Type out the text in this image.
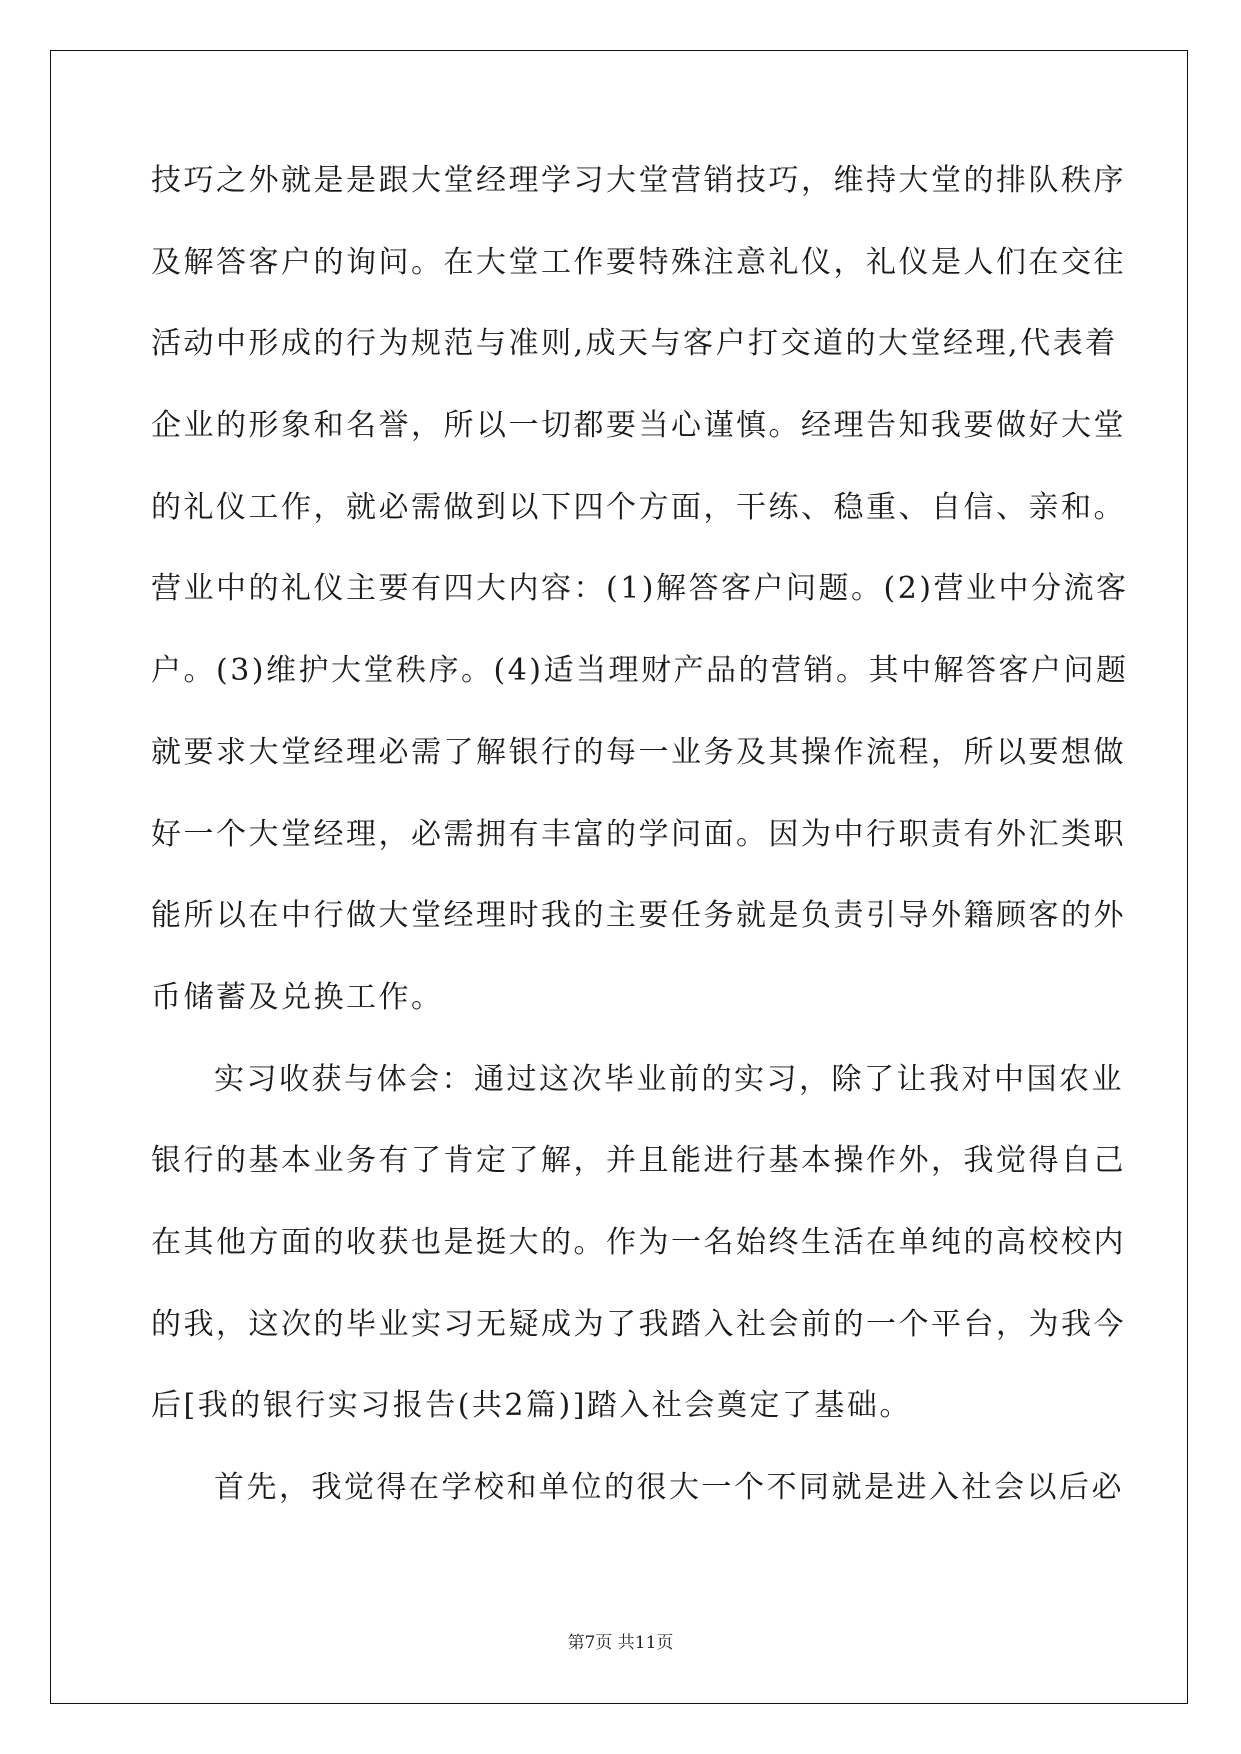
技巧之外就是是跟大堂经理学习大堂营销技巧，维持大堂的排队秩序
及解答客户的询问。在大堂工作要特殊注意礼仪，礼仪是人们在交往
活动中形成的行为规范与准则,成天与客户打交道的大堂经理,代表着
企业的形象和名誉，所以一切都要当心谨慎。经理告知我要做好大堂
的礼仪工作，就必需做到以下四个方面，干练、稳重、自信、亲和。
营业中的礼仪主要有四大内容：(1)解答客户问题。(2)营业中分流客
户。(3)维护大堂秩序。(4)适当理财产品的营销。其中解答客户问题
就要求大堂经理必需了解银行的每一业务及其操作流程，所以要想做
好一个大堂经理，必需拥有丰富的学问面。因为中行职责有外汇类职
能所以在中行做大堂经理时我的主要任务就是负责引导外籍顾客的外
币储蓄及兑换工作。
实习收获与体会：通过这次毕业前的实习，除了让我对中国农业
银行的基本业务有了肯定了解，并且能进行基本操作外，我觉得自己
在其他方面的收获也是挺大的。作为一名始终生活在单纯的高校校内
的我，这次的毕业实习无疑成为了我踏入社会前的一个平台，为我今
后[我的银行实习报告(共2篇)]踏入社会奠定了基础。
首先，我觉得在学校和单位的很大一个不同就是进入社会以后必
第7页 共11页
